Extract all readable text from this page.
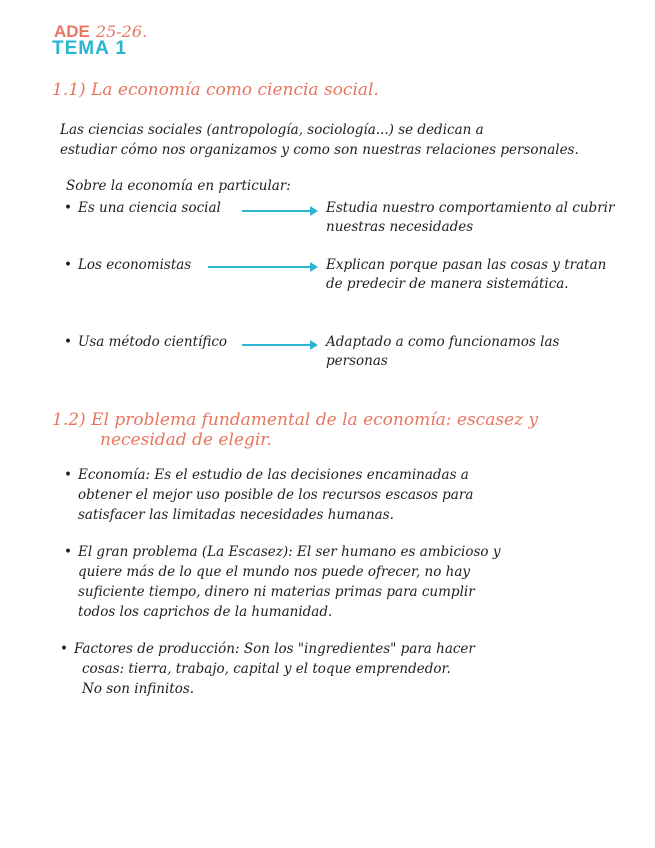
ADE 25-26.
TEMA 1
1.1) La economía como ciencia social.
Las ciencias sociales (antropología, sociología...) se dedican a
estudiar cómo nos organizamos y como son nuestras relaciones personales.
Sobre la economía en particular:
• Es una ciencia social	Estudia nuestro comportamiento al cubrir
nuestras necesidades
• Los economistas	Explican porque pasan las cosas y tratan
de predecir de manera sistemática.
• Usa método científico	Adaptado a como funcionamos las
personas
1.2) El problema fundamental de la economía: escasez y
necesidad de elegir.
• Economía: Es el estudio de las decisiones encaminadas a
obtener el mejor uso posible de los recursos escasos para
satisfacer las limitadas necesidades humanas.
• El gran problema (La Escasez): El ser humano es ambicioso y
quiere más de lo que el mundo nos puede ofrecer, no hay
suficiente tiempo, dinero ni materias primas para cumplir
todos los caprichos de la humanidad.
• Factores de producción: Son los "ingredientes" para hacer
cosas: tierra, trabajo, capital y el toque emprendedor.
No son infinitos.
